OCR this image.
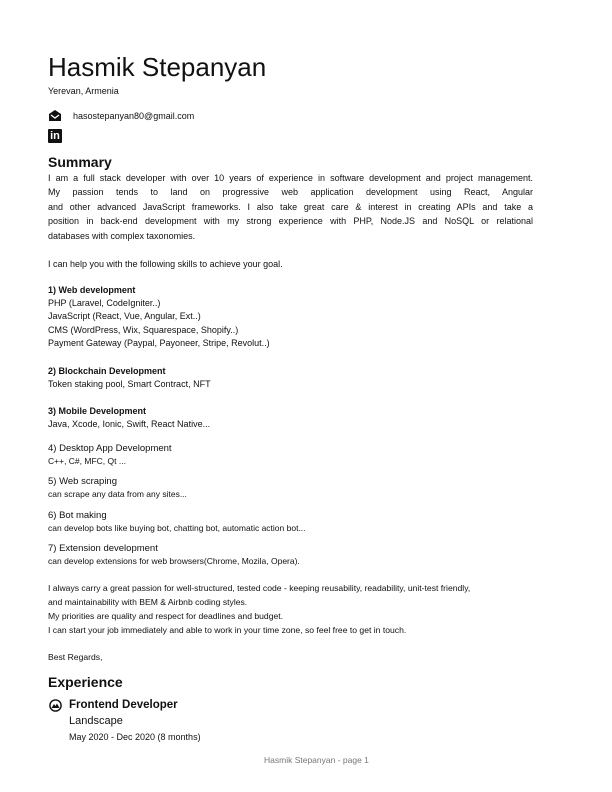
Hasmik Stepanyan
Yerevan, Armenia
hasostepanyan80@gmail.com
in
Summary
I am a full stack developer with over 10 years of experience in software development and project management.
My passion tends to land on progressive web application development using React, Angular
and other advanced JavaScript frameworks. I also take great care & interest in creating APIs and take a
position in back-end development with my strong experience with PHP, Node.JS and NoSQL or relational
databases with complex taxonomies.
I can help you with the following skills to achieve your goal.
1) Web development
PHP (Laravel, CodeIgniter..)
JavaScript (React, Vue, Angular, Ext..)
CMS (WordPress, Wix, Squarespace, Shopify..)
Payment Gateway (Paypal, Payoneer, Stripe, Revolut..)
2) Blockchain Development
Token staking pool, Smart Contract, NFT
3) Mobile Development
Java, Xcode, Ionic, Swift, React Native...
4) Desktop App Development
C++, C#, MFC, Qt ...
5) Web scraping
can scrape any data from any sites...
6) Bot making
can develop bots like buying bot, chatting bot, automatic action bot...
7) Extension development
can develop extensions for web browsers(Chrome, Mozila, Opera).
I always carry a great passion for well-structured, tested code - keeping reusability, readability, unit-test friendly,
and maintainability with BEM & Airbnb coding styles.
My priorities are quality and respect for deadlines and budget.
I can start your job immediately and able to work in your time zone, so feel free to get in touch.
Best Regards,
Experience
Frontend Developer
Landscape
May 2020 - Dec 2020 (8 months)
Hasmik Stepanyan - page 1
